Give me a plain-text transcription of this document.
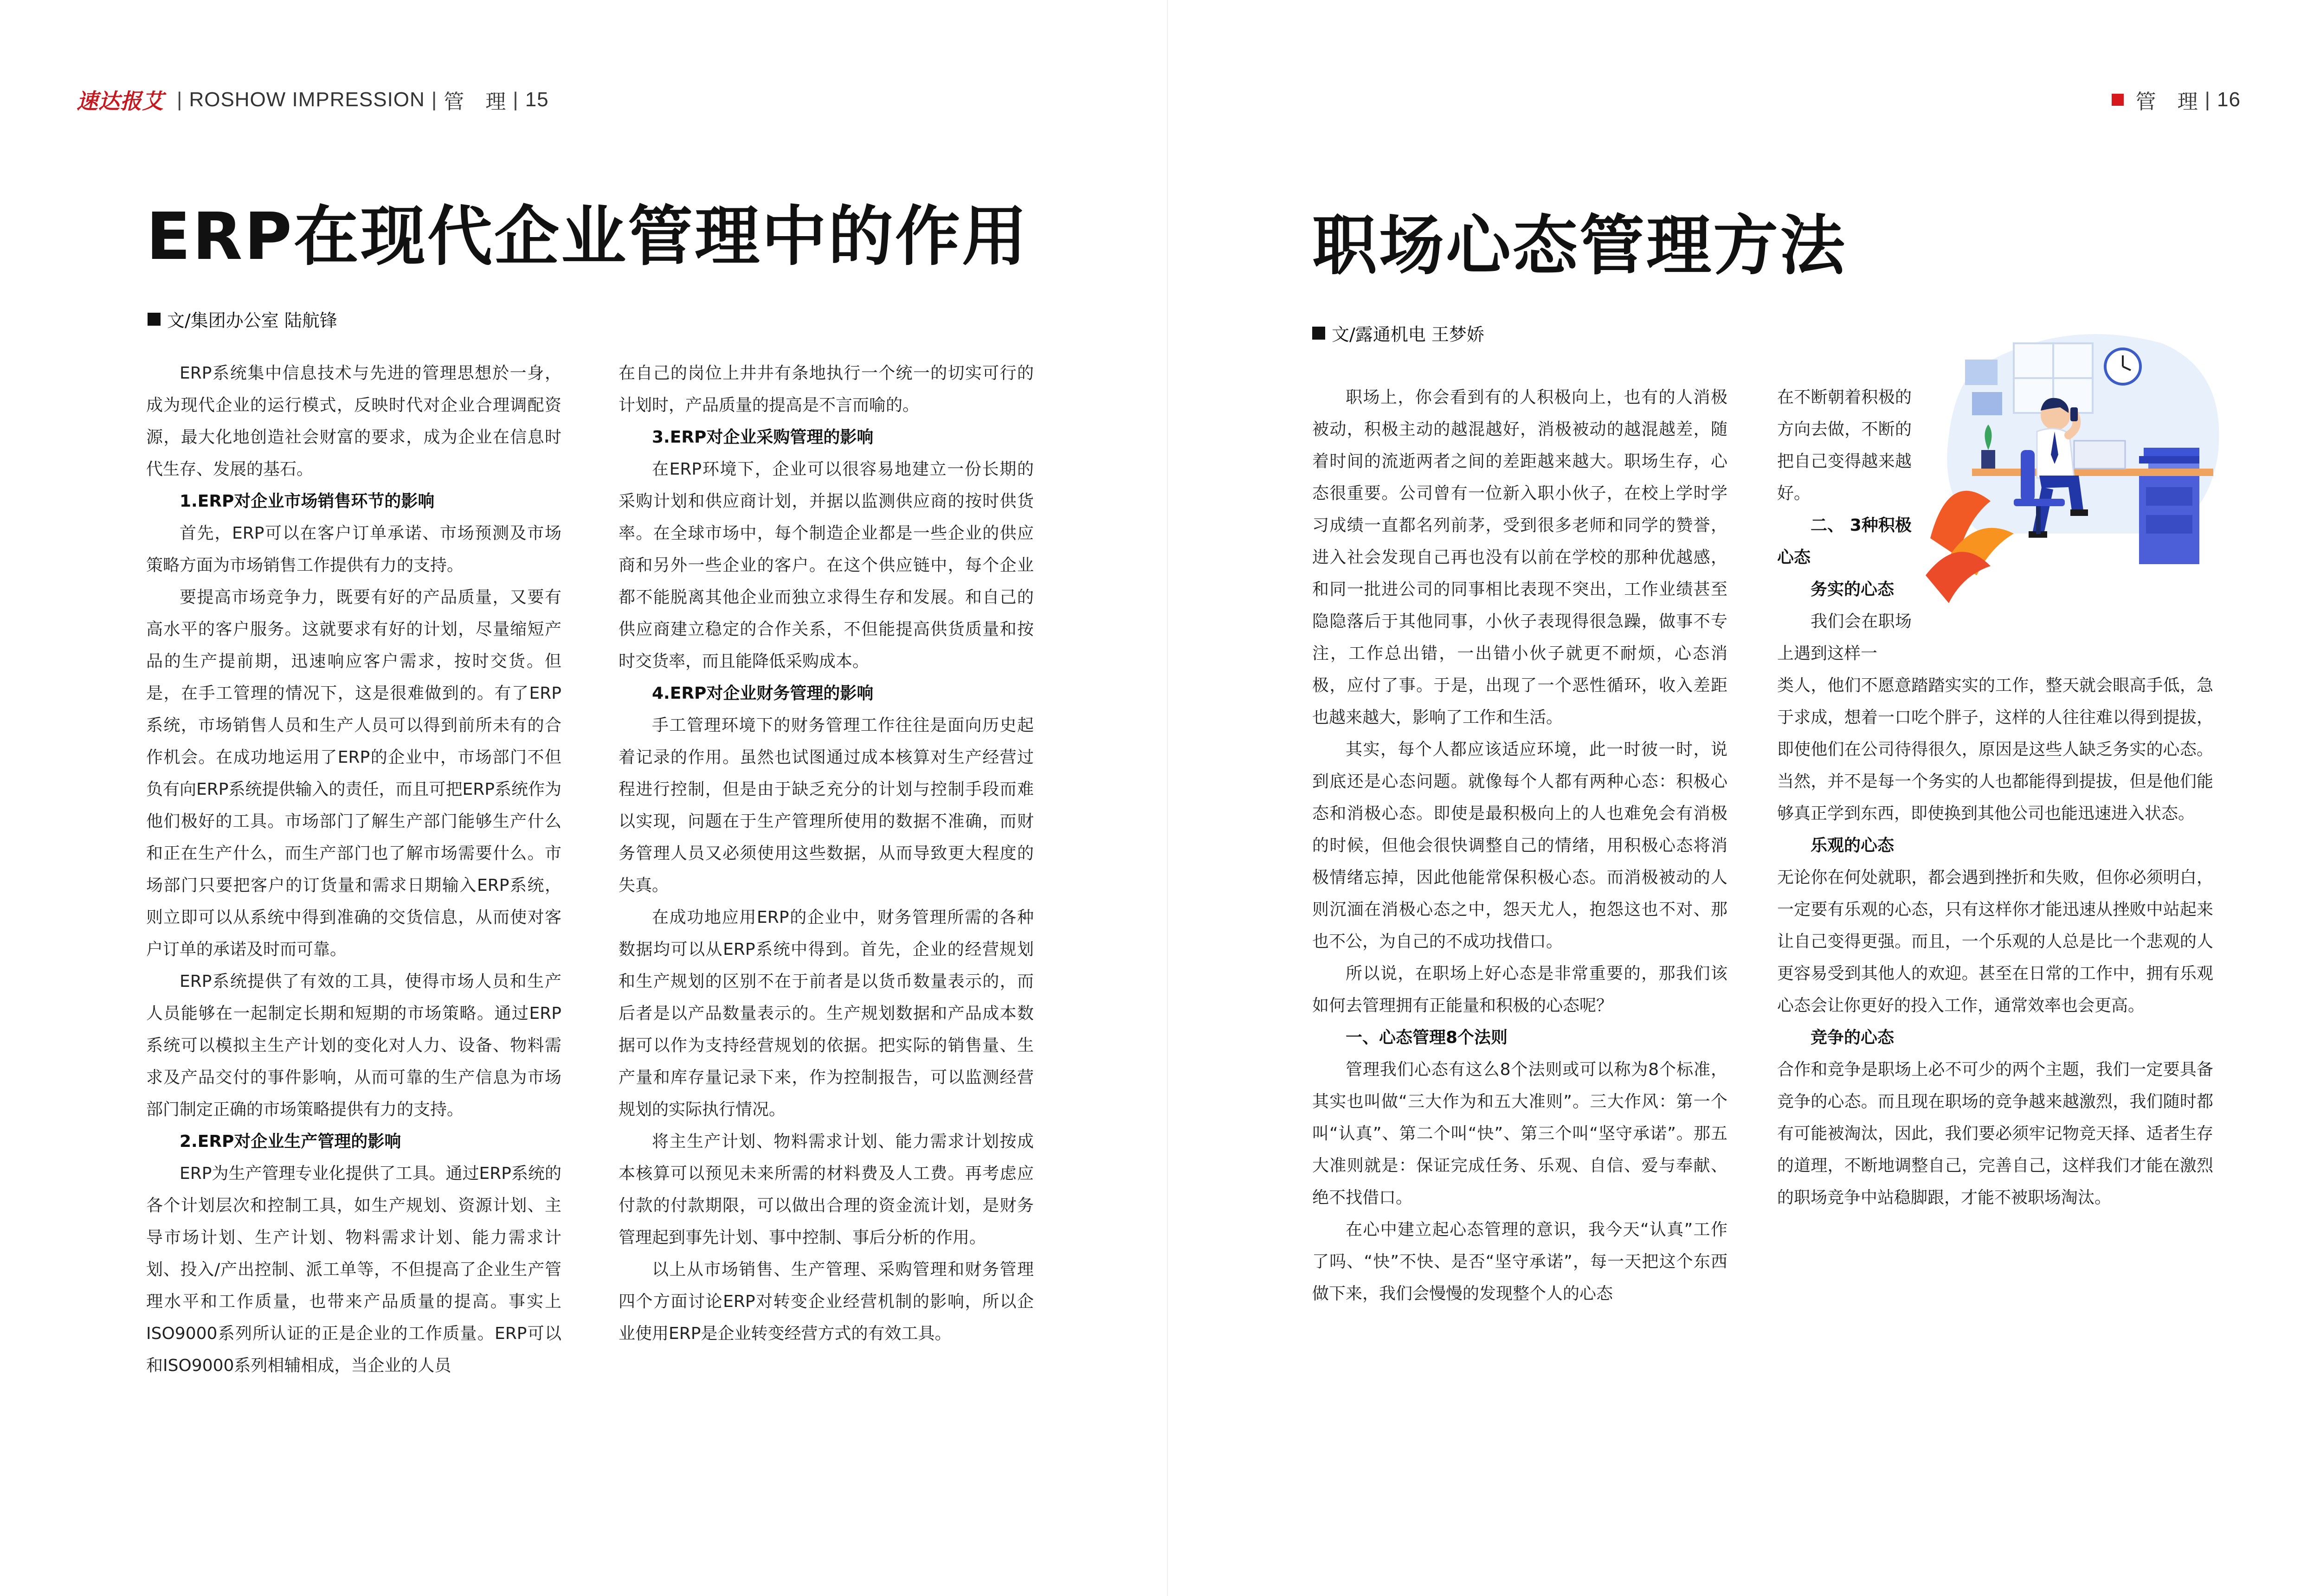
速达报艾 | ROSHOW IMPRESSION | 管　理 | 15
ERP在现代企业管理中的作用
文/集团办公室 陆航锋

ERP系统集中信息技术与先进的管理思想於一身，成为现代企业的运行模式，反映时代对企业合理调配资源，最大化地创造社会财富的要求，成为企业在信息时代生存、发展的基石。

1.ERP对企业市场销售环节的影响

首先，ERP可以在客户订单承诺、市场预测及市场策略方面为市场销售工作提供有力的支持。

要提高市场竞争力，既要有好的产品质量，又要有高水平的客户服务。这就要求有好的计划，尽量缩短产品的生产提前期，迅速响应客户需求，按时交货。但是，在手工管理的情况下，这是很难做到的。有了ERP系统，市场销售人员和生产人员可以得到前所未有的合作机会。在成功地运用了ERP的企业中，市场部门不但负有向ERP系统提供输入的责任，而且可把ERP系统作为他们极好的工具。市场部门了解生产部门能够生产什么和正在生产什么，而生产部门也了解市场需要什么。市场部门只要把客户的订货量和需求日期输入ERP系统，则立即可以从系统中得到准确的交货信息，从而使对客户订单的承诺及时而可靠。

ERP系统提供了有效的工具，使得市场人员和生产人员能够在一起制定长期和短期的市场策略。通过ERP系统可以模拟主生产计划的变化对人力、设备、物料需求及产品交付的事件影响，从而可靠的生产信息为市场部门制定正确的市场策略提供有力的支持。

2.ERP对企业生产管理的影响

ERP为生产管理专业化提供了工具。通过ERP系统的各个计划层次和控制工具，如生产规划、资源计划、主导市场计划、生产计划、物料需求计划、能力需求计划、投入/产出控制、派工单等，不但提高了企业生产管理水平和工作质量，也带来产品质量的提高。事实上ISO9000系列所认证的正是企业的工作质量。ERP可以和ISO9000系列相辅相成，当企业的人员

在自己的岗位上井井有条地执行一个统一的切实可行的计划时，产品质量的提高是不言而喻的。

3.ERP对企业采购管理的影响

在ERP环境下，企业可以很容易地建立一份长期的采购计划和供应商计划，并据以监测供应商的按时供货率。在全球市场中，每个制造企业都是一些企业的供应商和另外一些企业的客户。在这个供应链中，每个企业都不能脱离其他企业而独立求得生存和发展。和自己的供应商建立稳定的合作关系，不但能提高供货质量和按时交货率，而且能降低采购成本。

4.ERP对企业财务管理的影响

手工管理环境下的财务管理工作往往是面向历史起着记录的作用。虽然也试图通过成本核算对生产经营过程进行控制，但是由于缺乏充分的计划与控制手段而难以实现，问题在于生产管理所使用的数据不准确，而财务管理人员又必须使用这些数据，从而导致更大程度的失真。

在成功地应用ERP的企业中，财务管理所需的各种数据均可以从ERP系统中得到。首先，企业的经营规划和生产规划的区别不在于前者是以货币数量表示的，而后者是以产品数量表示的。生产规划数据和产品成本数据可以作为支持经营规划的依据。把实际的销售量、生产量和库存量记录下来，作为控制报告，可以监测经营规划的实际执行情况。

将主生产计划、物料需求计划、能力需求计划按成本核算可以预见未来所需的材料费及人工费。再考虑应付款的付款期限，可以做出合理的资金流计划，是财务管理起到事先计划、事中控制、事后分析的作用。

以上从市场销售、生产管理、采购管理和财务管理四个方面讨论ERP对转变企业经营机制的影响，所以企业使用ERP是企业转变经营方式的有效工具。

管　理 | 16
职场心态管理方法
文/露通机电 王梦娇

职场上，你会看到有的人积极向上，也有的人消极被动，积极主动的越混越好，消极被动的越混越差，随着时间的流逝两者之间的差距越来越大。职场生存，心态很重要。公司曾有一位新入职小伙子，在校上学时学习成绩一直都名列前茅，受到很多老师和同学的赞誉，进入社会发现自己再也没有以前在学校的那种优越感，和同一批进公司的同事相比表现不突出，工作业绩甚至隐隐落后于其他同事，小伙子表现得很急躁，做事不专注，工作总出错，一出错小伙子就更不耐烦，心态消极，应付了事。于是，出现了一个恶性循环，收入差距也越来越大，影响了工作和生活。

其实，每个人都应该适应环境，此一时彼一时，说到底还是心态问题。就像每个人都有两种心态：积极心态和消极心态。即使是最积极向上的人也难免会有消极的时候，但他会很快调整自己的情绪，用积极心态将消极情绪忘掉，因此他能常保积极心态。而消极被动的人则沉湎在消极心态之中，怨天尤人，抱怨这也不对、那也不公，为自己的不成功找借口。

所以说，在职场上好心态是非常重要的，那我们该如何去管理拥有正能量和积极的心态呢？

一、心态管理8个法则

管理我们心态有这么8个法则或可以称为8个标准，其实也叫做“三大作为和五大准则”。三大作风：第一个叫“认真”、第二个叫“快”、第三个叫“坚守承诺”。那五大准则就是：保证完成任务、乐观、自信、爱与奉献、绝不找借口。

在心中建立起心态管理的意识，我今天“认真”工作了吗、“快”不快、是否“坚守承诺”，每一天把这个东西做下来，我们会慢慢的发现整个人的心态

在不断朝着积极的方向去做，不断的把自己变得越来越好。

二、 3种积极心态

务实的心态

我们会在职场上遇到这样一

类人，他们不愿意踏踏实实的工作，整天就会眼高手低，急于求成，想着一口吃个胖子，这样的人往往难以得到提拔，即使他们在公司待得很久，原因是这些人缺乏务实的心态。当然，并不是每一个务实的人也都能得到提拔，但是他们能够真正学到东西，即使换到其他公司也能迅速进入状态。

乐观的心态

无论你在何处就职，都会遇到挫折和失败，但你必须明白，一定要有乐观的心态，只有这样你才能迅速从挫败中站起来让自己变得更强。而且，一个乐观的人总是比一个悲观的人更容易受到其他人的欢迎。甚至在日常的工作中，拥有乐观心态会让你更好的投入工作，通常效率也会更高。

竞争的心态

合作和竞争是职场上必不可少的两个主题，我们一定要具备竞争的心态。而且现在职场的竞争越来越激烈，我们随时都有可能被淘汰，因此，我们要必须牢记物竞天择、适者生存的道理，不断地调整自己，完善自己，这样我们才能在激烈的职场竞争中站稳脚跟，才能不被职场淘汰。
